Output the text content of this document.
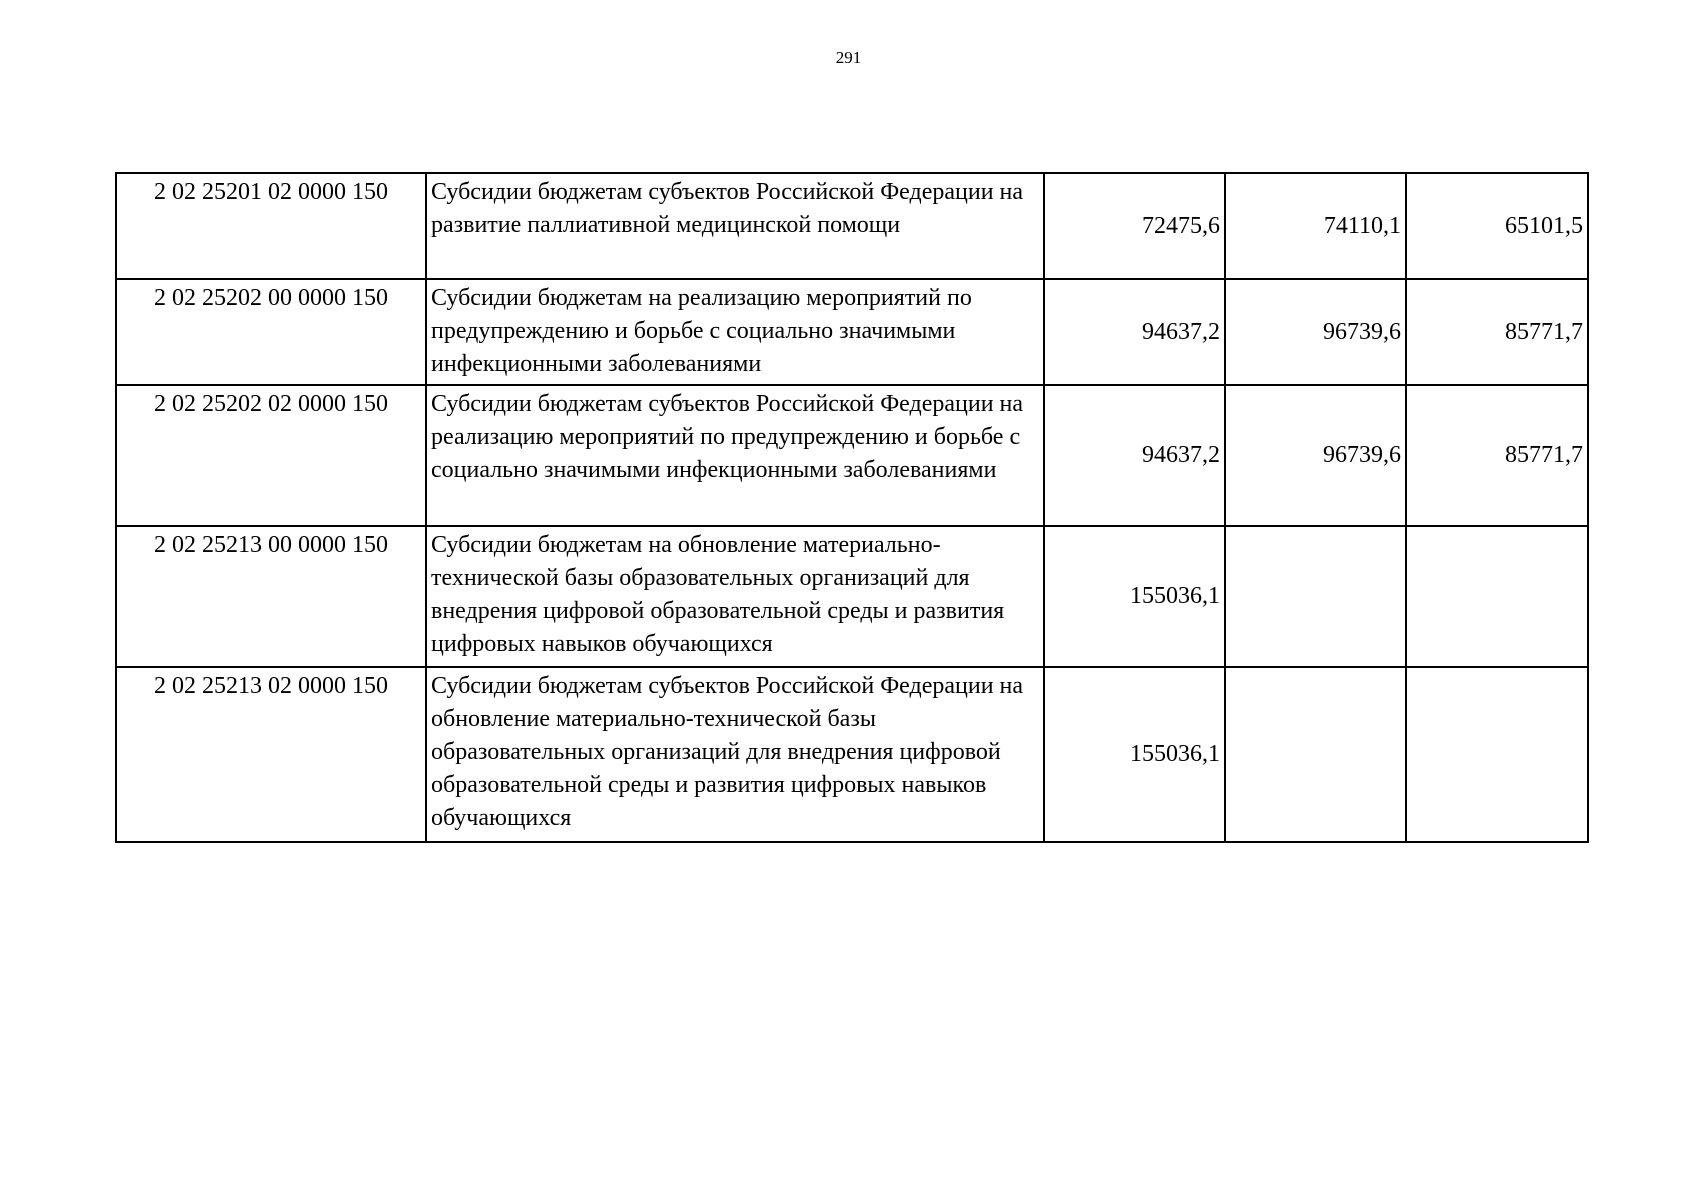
291
2 02 25201 02 0000 150	Субсидии бюджетам субъектов Российской Федерации на развитие паллиативной медицинской помощи	72475,6	74110,1	65101,5
2 02 25202 00 0000 150	Субсидии бюджетам на реализацию мероприятий по предупреждению и борьбе с социально значимыми инфекционными заболеваниями	94637,2	96739,6	85771,7
2 02 25202 02 0000 150	Субсидии бюджетам субъектов Российской Федерации на реализацию мероприятий по предупреждению и борьбе с социально значимыми инфекционными заболеваниями	94637,2	96739,6	85771,7
2 02 25213 00 0000 150	Субсидии бюджетам на обновление материально-технической базы образовательных организаций для внедрения цифровой образовательной среды и развития цифровых навыков обучающихся	155036,1		
2 02 25213 02 0000 150	Субсидии бюджетам субъектов Российской Федерации на обновление материально-технической базы образовательных организаций для внедрения цифровой образовательной среды и развития цифровых навыков обучающихся	155036,1		
